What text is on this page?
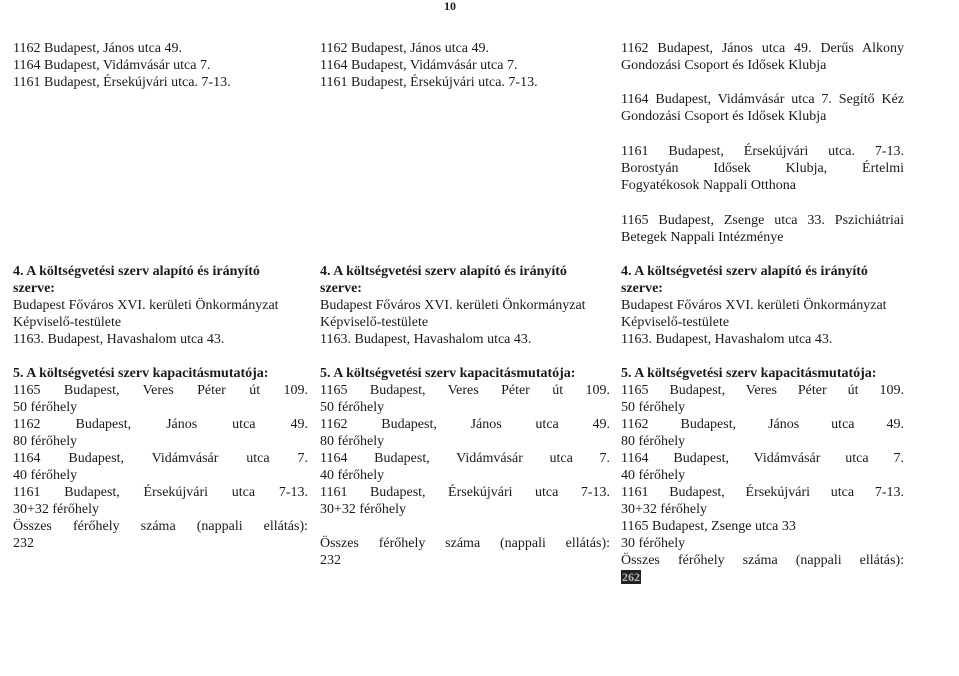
10
1162 Budapest, János utca 49.
1164 Budapest, Vidámvásár utca 7.
1161 Budapest, Érsekújvári utca. 7-13.
4. A költségvetési szerv alapító és irányító
szerve:
Budapest Főváros XVI. kerületi Önkormányzat
Képviselő-testülete
1163. Budapest, Havashalom utca 43.
5. A költségvetési szerv kapacitásmutatója:
1165 Budapest, Veres Péter út 109.
50 férőhely
1162 Budapest, János utca 49.
80 férőhely
1164 Budapest, Vidámvásár utca 7.
40 férőhely
1161 Budapest, Érsekújvári utca 7-13.
30+32 férőhely
Összes férőhely száma (nappali ellátás):
232
1162 Budapest, János utca 49.
1164 Budapest, Vidámvásár utca 7.
1161 Budapest, Érsekújvári utca. 7-13.
4. A költségvetési szerv alapító és irányító
szerve:
Budapest Főváros XVI. kerületi Önkormányzat
Képviselő-testülete
1163. Budapest, Havashalom utca 43.
5. A költségvetési szerv kapacitásmutatója:
1165 Budapest, Veres Péter út 109.
50 férőhely
1162 Budapest, János utca 49.
80 férőhely
1164 Budapest, Vidámvásár utca 7.
40 férőhely
1161 Budapest, Érsekújvári utca 7-13.
30+32 férőhely
Összes férőhely száma (nappali ellátás):
232
1162 Budapest, János utca 49. Derűs Alkony
Gondozási Csoport és Idősek Klubja
1164 Budapest, Vidámvásár utca 7. Segítő Kéz
Gondozási Csoport és Idősek Klubja
1161 Budapest, Érsekújvári utca. 7-13.
Borostyán Idősek Klubja, Értelmi
Fogyatékosok Nappali Otthona
1165 Budapest, Zsenge utca 33. Pszichiátriai
Betegek Nappali Intézménye
4. A költségvetési szerv alapító és irányító
szerve:
Budapest Főváros XVI. kerületi Önkormányzat
Képviselő-testülete
1163. Budapest, Havashalom utca 43.
5. A költségvetési szerv kapacitásmutatója:
1165 Budapest, Veres Péter út 109.
50 férőhely
1162 Budapest, János utca 49.
80 férőhely
1164 Budapest, Vidámvásár utca 7.
40 férőhely
1161 Budapest, Érsekújvári utca 7-13.
30+32 férőhely
1165 Budapest, Zsenge utca 33
30 férőhely
Összes férőhely száma (nappali ellátás):
262
